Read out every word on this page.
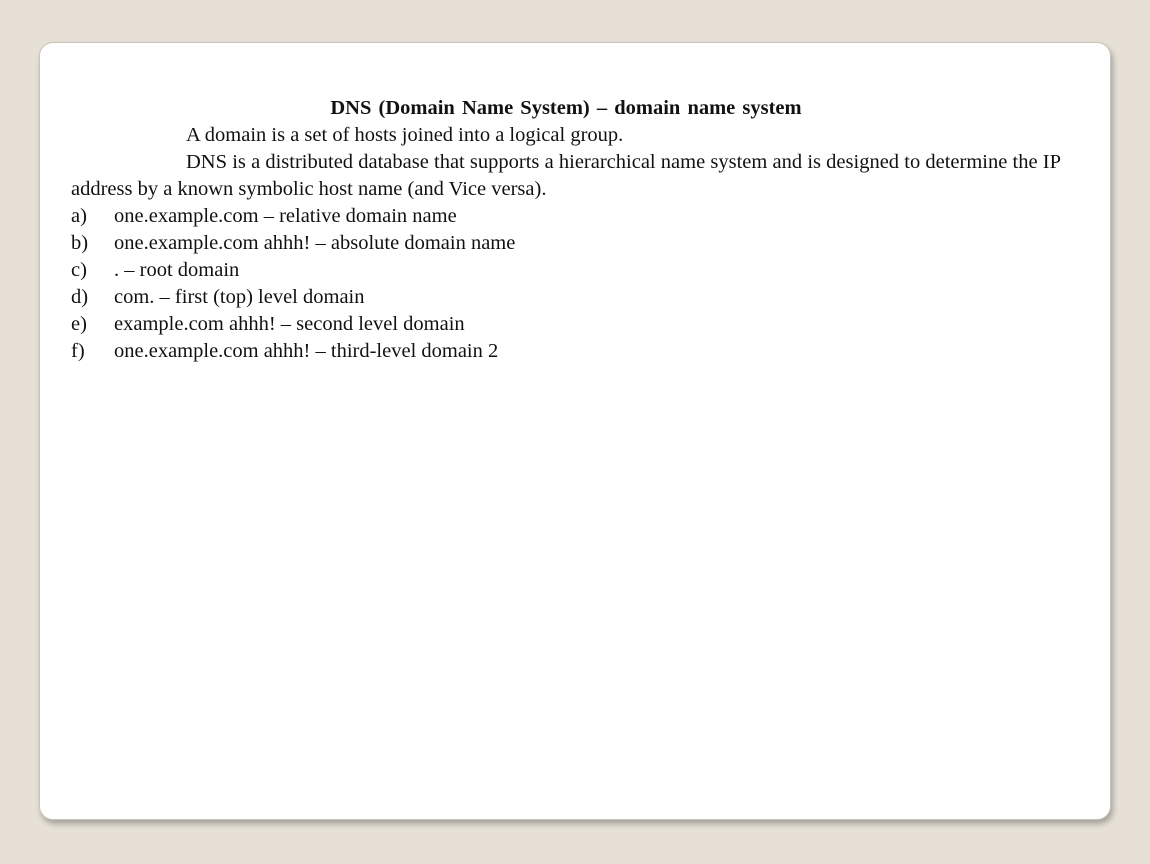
DNS (Domain Name System) – domain name system

A domain is a set of hosts joined into a logical group.

DNS is a distributed database that supports a hierarchical name system and is designed to determine the IP address by a known symbolic host name (and Vice versa).

a)	one.example.com – relative domain name
b)	one.example.com ahhh! – absolute domain name
c)	. – root domain
d)	com. – first (top) level domain
e)	example.com ahhh! – second level domain
f)	one.example.com ahhh! – third-level domain 2
